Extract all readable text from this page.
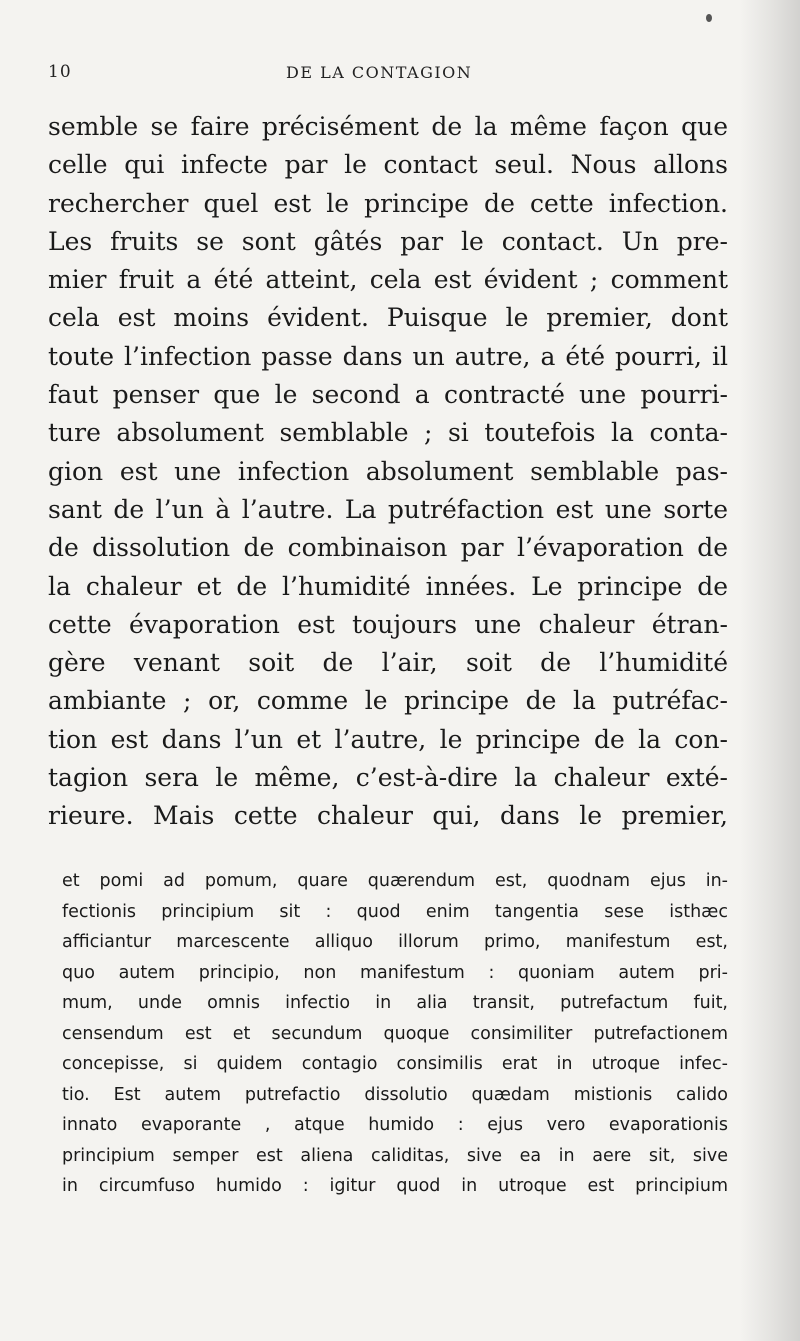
10	DE LA CONTAGION
semble se faire précisément de la même façon que
celle qui infecte par le contact seul. Nous allons
rechercher quel est le principe de cette infection.
Les fruits se sont gâtés par le contact. Un pre-
mier fruit a été atteint, cela est évident ; comment
cela est moins évident. Puisque le premier, dont
toute l’infection passe dans un autre, a été pourri, il
faut penser que le second a contracté une pourri-
ture absolument semblable ; si toutefois la conta-
gion est une infection absolument semblable pas-
sant de l’un à l’autre. La putréfaction est une sorte
de dissolution de combinaison par l’évaporation de
la chaleur et de l’humidité innées. Le principe de
cette évaporation est toujours une chaleur étran-
gère venant soit de l’air, soit de l’humidité
ambiante ; or, comme le principe de la putréfac-
tion est dans l’un et l’autre, le principe de la con-
tagion sera le même, c’est-à-dire la chaleur exté-
rieure. Mais cette chaleur qui, dans le premier,
et pomi ad pomum, quare quærendum est, quodnam ejus in-
fectionis principium sit : quod enim tangentia sese isthæc
afficiantur marcescente alliquo illorum primo, manifestum est,
quo autem principio, non manifestum : quoniam autem pri-
mum, unde omnis infectio in alia transit, putrefactum fuit,
censendum est et secundum quoque consimiliter putrefactionem
concepisse, si quidem contagio consimilis erat in utroque infec-
tio. Est autem putrefactio dissolutio quædam mistionis calido
innato evaporante , atque humido : ejus vero evaporationis
principium semper est aliena caliditas, sive ea in aere sit, sive
in circumfuso humido : igitur quod in utroque est principium
